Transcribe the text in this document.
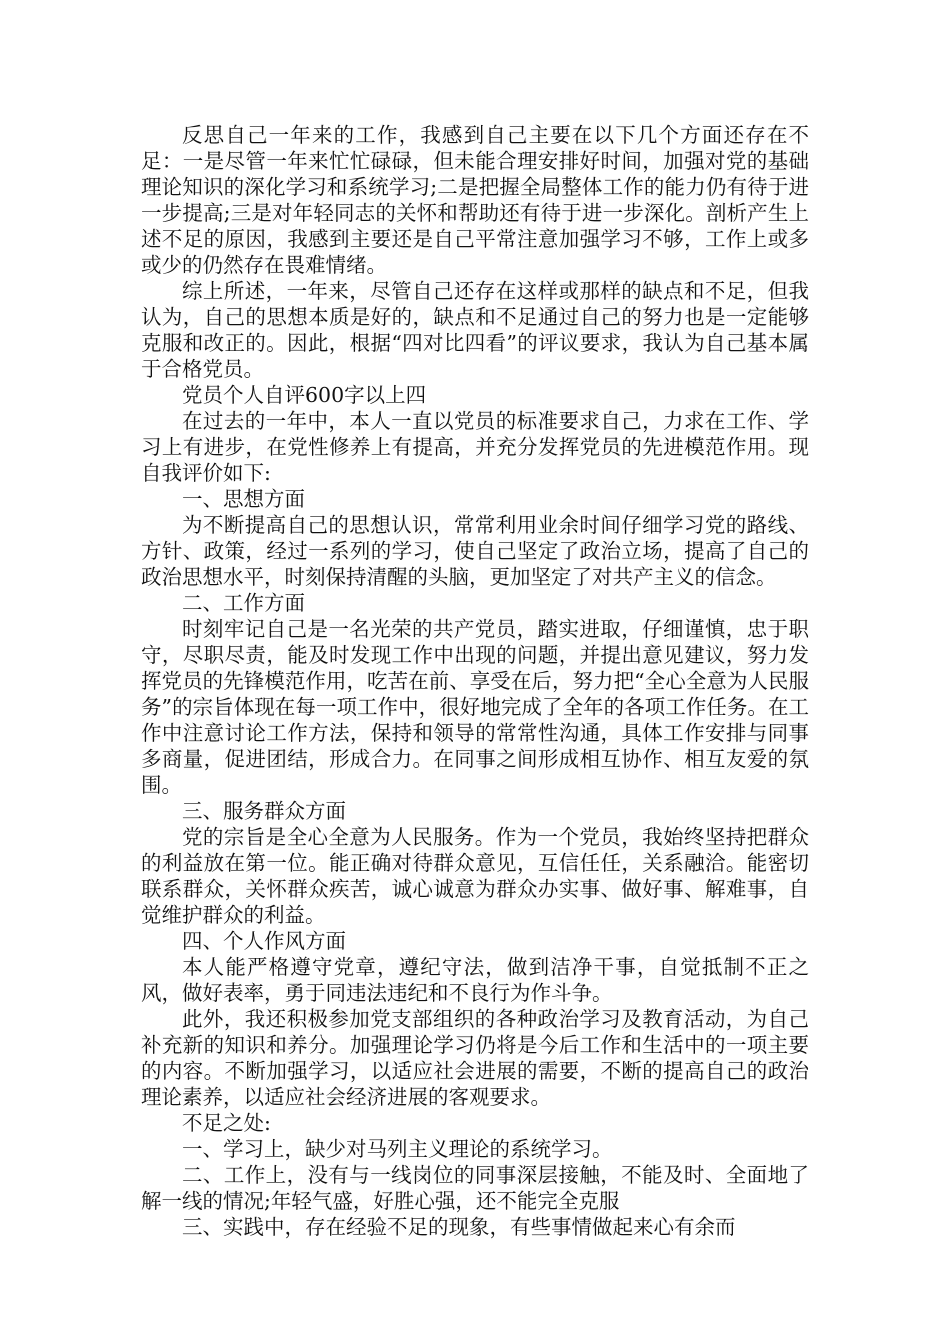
反思自己一年来的工作，我感到自己主要在以下几个方面还存在不足：一是尽管一年来忙忙碌碌，但未能合理安排好时间，加强对党的基础理论知识的深化学习和系统学习;二是把握全局整体工作的能力仍有待于进一步提高;三是对年轻同志的关怀和帮助还有待于进一步深化。剖析产生上述不足的原因，我感到主要还是自己平常注意加强学习不够，工作上或多或少的仍然存在畏难情绪。

综上所述，一年来，尽管自己还存在这样或那样的缺点和不足，但我认为，自己的思想本质是好的，缺点和不足通过自己的努力也是一定能够克服和改正的。因此，根据“四对比四看”的评议要求，我认为自己基本属于合格党员。

党员个人自评600字以上四

在过去的一年中，本人一直以党员的标准要求自己，力求在工作、学习上有进步，在党性修养上有提高，并充分发挥党员的先进模范作用。现自我评价如下:

一、思想方面

为不断提高自己的思想认识，常常利用业余时间仔细学习党的路线、方针、政策，经过一系列的学习，使自己坚定了政治立场，提高了自己的政治思想水平，时刻保持清醒的头脑，更加坚定了对共产主义的信念。

二、工作方面

时刻牢记自己是一名光荣的共产党员，踏实进取，仔细谨慎，忠于职守，尽职尽责，能及时发现工作中出现的问题，并提出意见建议，努力发挥党员的先锋模范作用，吃苦在前、享受在后，努力把“全心全意为人民服务”的宗旨体现在每一项工作中，很好地完成了全年的各项工作任务。在工作中注意讨论工作方法，保持和领导的常常性沟通，具体工作安排与同事多商量，促进团结，形成合力。在同事之间形成相互协作、相互友爱的氛围。

三、服务群众方面

党的宗旨是全心全意为人民服务。作为一个党员，我始终坚持把群众的利益放在第一位。能正确对待群众意见，互信任任，关系融洽。能密切联系群众，关怀群众疾苦，诚心诚意为群众办实事、做好事、解难事，自觉维护群众的利益。

四、个人作风方面

本人能严格遵守党章，遵纪守法，做到洁净干事，自觉抵制不正之风，做好表率，勇于同违法违纪和不良行为作斗争。

此外，我还积极参加党支部组织的各种政治学习及教育活动，为自己补充新的知识和养分。加强理论学习仍将是今后工作和生活中的一项主要的内容。不断加强学习，以适应社会进展的需要，不断的提高自己的政治理论素养，以适应社会经济进展的客观要求。

不足之处:

一、学习上，缺少对马列主义理论的系统学习。

二、工作上，没有与一线岗位的同事深层接触，不能及时、全面地了解一线的情况;年轻气盛，好胜心强，还不能完全克服

三、实践中，存在经验不足的现象，有些事情做起来心有余而
